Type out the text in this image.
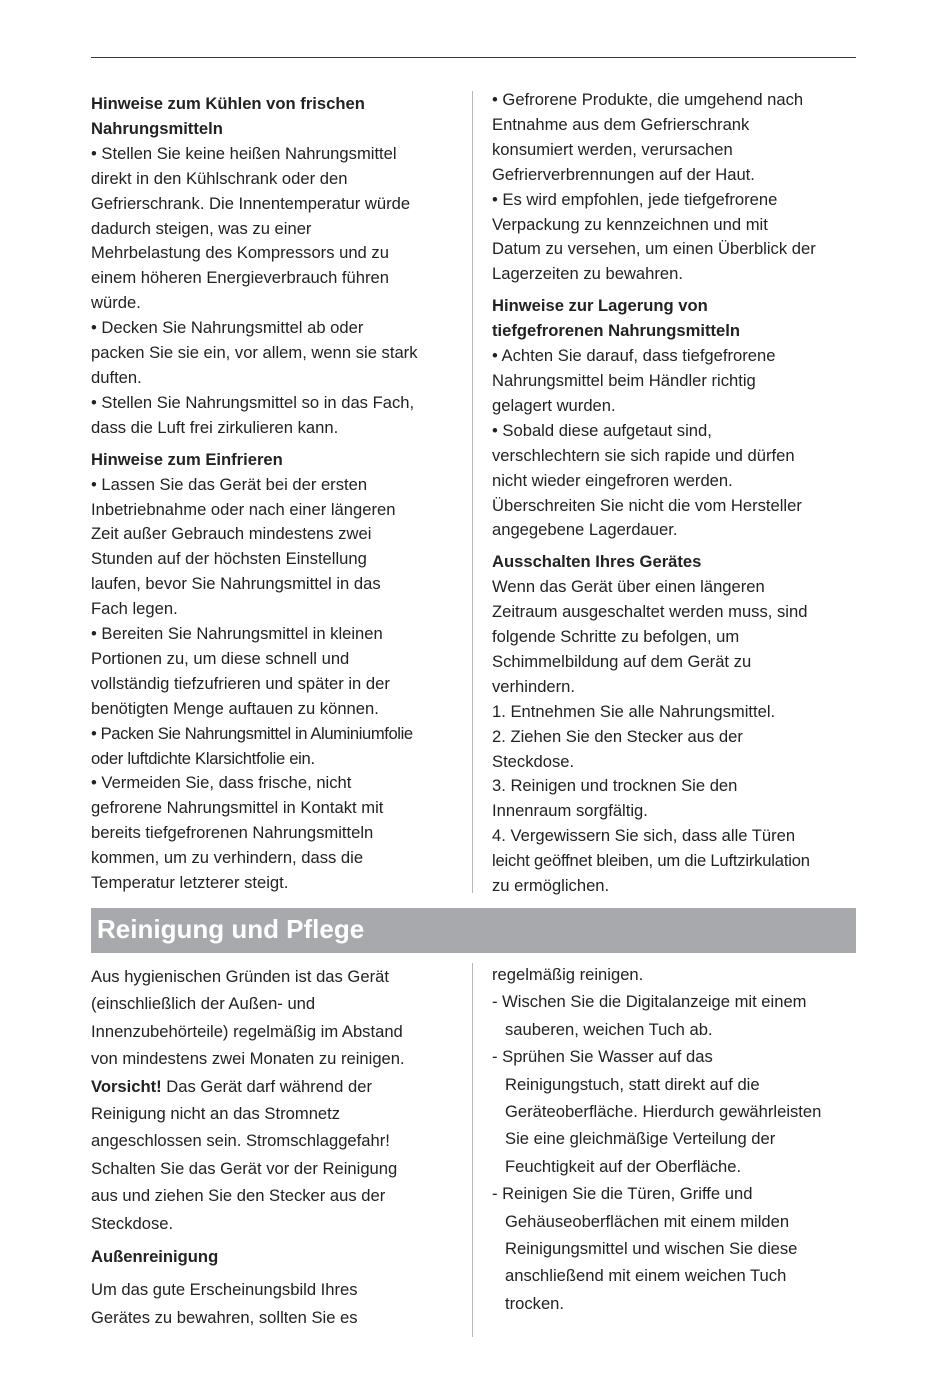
Hinweise zum Kühlen von frischen
Nahrungsmitteln

• Stellen Sie keine heißen Nahrungsmittel
direkt in den Kühlschrank oder den
Gefrierschrank. Die Innentemperatur würde
dadurch steigen, was zu einer
Mehrbelastung des Kompressors und zu
einem höheren Energieverbrauch führen
würde.
• Decken Sie Nahrungsmittel ab oder
packen Sie sie ein, vor allem, wenn sie stark
duften.
• Stellen Sie Nahrungsmittel so in das Fach,
dass die Luft frei zirkulieren kann.

Hinweise zum Einfrieren

• Lassen Sie das Gerät bei der ersten
Inbetriebnahme oder nach einer längeren
Zeit außer Gebrauch mindestens zwei
Stunden auf der höchsten Einstellung
laufen, bevor Sie Nahrungsmittel in das
Fach legen.
• Bereiten Sie Nahrungsmittel in kleinen
Portionen zu, um diese schnell und
vollständig tiefzufrieren und später in der
benötigten Menge auftauen zu können.
• Packen Sie Nahrungsmittel in Aluminiumfolie
oder luftdichte Klarsichtfolie ein.
• Vermeiden Sie, dass frische, nicht
gefrorene Nahrungsmittel in Kontakt mit
bereits tiefgefrorenen Nahrungsmitteln
kommen, um zu verhindern, dass die
Temperatur letzterer steigt.

• Gefrorene Produkte, die umgehend nach
Entnahme aus dem Gefrierschrank
konsumiert werden, verursachen
Gefrierverbrennungen auf der Haut.
• Es wird empfohlen, jede tiefgefrorene
Verpackung zu kennzeichnen und mit
Datum zu versehen, um einen Überblick der
Lagerzeiten zu bewahren.

Hinweise zur Lagerung von
tiefgefrorenen Nahrungsmitteln

• Achten Sie darauf, dass tiefgefrorene
Nahrungsmittel beim Händler richtig
gelagert wurden.
• Sobald diese aufgetaut sind,
verschlechtern sie sich rapide und dürfen
nicht wieder eingefroren werden.
Überschreiten Sie nicht die vom Hersteller
angegebene Lagerdauer.

Ausschalten Ihres Gerätes

Wenn das Gerät über einen längeren
Zeitraum ausgeschaltet werden muss, sind
folgende Schritte zu befolgen, um
Schimmelbildung auf dem Gerät zu
verhindern.
1. Entnehmen Sie alle Nahrungsmittel.
2. Ziehen Sie den Stecker aus der
Steckdose.
3. Reinigen und trocknen Sie den
Innenraum sorgfältig.
4. Vergewissern Sie sich, dass alle Türen
leicht geöffnet bleiben, um die Luftzirkulation
zu ermöglichen.

Reinigung und Pflege

Aus hygienischen Gründen ist das Gerät
(einschließlich der Außen- und
Innenzubehörteile) regelmäßig im Abstand
von mindestens zwei Monaten zu reinigen.
Vorsicht! Das Gerät darf während der
Reinigung nicht an das Stromnetz
angeschlossen sein. Stromschlaggefahr!
Schalten Sie das Gerät vor der Reinigung
aus und ziehen Sie den Stecker aus der
Steckdose.

Außenreinigung

Um das gute Erscheinungsbild Ihres
Gerätes zu bewahren, sollten Sie es

regelmäßig reinigen.

- Wischen Sie die Digitalanzeige mit einem
sauberen, weichen Tuch ab.

- Sprühen Sie Wasser auf das
Reinigungstuch, statt direkt auf die
Geräteoberfläche. Hierdurch gewährleisten
Sie eine gleichmäßige Verteilung der
Feuchtigkeit auf der Oberfläche.

- Reinigen Sie die Türen, Griffe und
Gehäuseoberflächen mit einem milden
Reinigungsmittel und wischen Sie diese
anschließend mit einem weichen Tuch
trocken.
